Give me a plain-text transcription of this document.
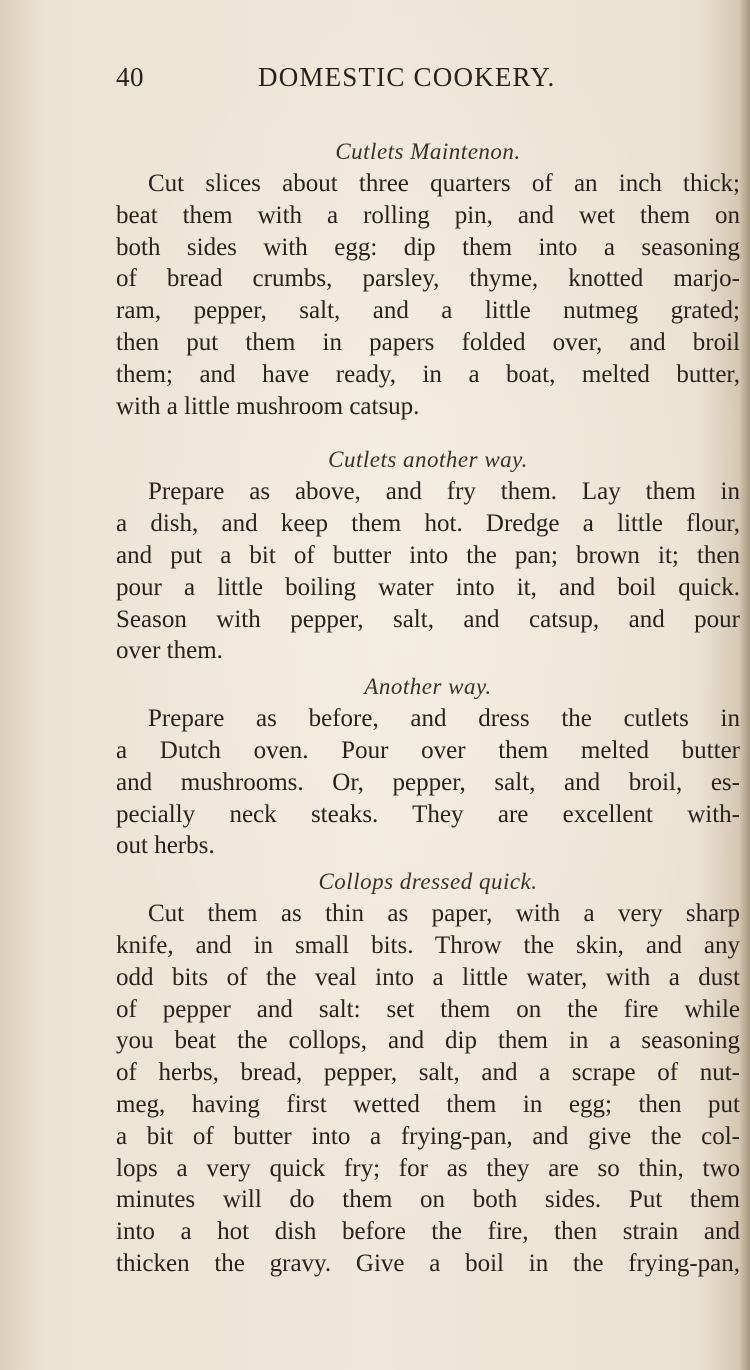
40	DOMESTIC COOKERY.
Cutlets Maintenon.
Cut slices about three quarters of an inch thick;
beat them with a rolling pin, and wet them on
both sides with egg: dip them into a seasoning
of bread crumbs, parsley, thyme, knotted marjo-
ram, pepper, salt, and a little nutmeg grated;
then put them in papers folded over, and broil
them; and have ready, in a boat, melted butter,
with a little mushroom catsup.
Cutlets another way.
Prepare as above, and fry them. Lay them in
a dish, and keep them hot. Dredge a little flour,
and put a bit of butter into the pan; brown it; then
pour a little boiling water into it, and boil quick.
Season with pepper, salt, and catsup, and pour
over them.
Another way.
Prepare as before, and dress the cutlets in
a Dutch oven. Pour over them melted butter
and mushrooms. Or, pepper, salt, and broil, es-
pecially neck steaks. They are excellent with-
out herbs.
Collops dressed quick.
Cut them as thin as paper, with a very sharp
knife, and in small bits. Throw the skin, and any
odd bits of the veal into a little water, with a dust
of pepper and salt: set them on the fire while
you beat the collops, and dip them in a seasoning
of herbs, bread, pepper, salt, and a scrape of nut-
meg, having first wetted them in egg; then put
a bit of butter into a frying-pan, and give the col-
lops a very quick fry; for as they are so thin, two
minutes will do them on both sides. Put them
into a hot dish before the fire, then strain and
thicken the gravy. Give a boil in the frying-pan,
